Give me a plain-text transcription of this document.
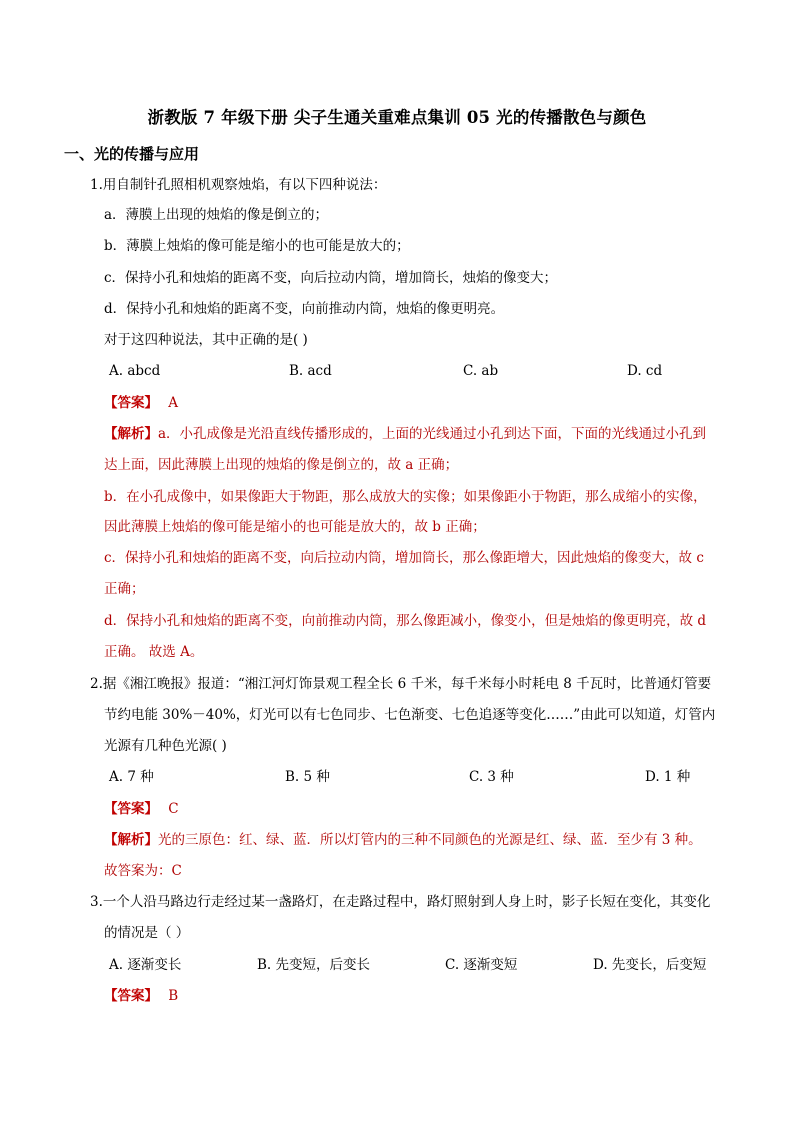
浙教版 7 年级下册 尖子生通关重难点集训 05 光的传播散色与颜色
一、光的传播与应用
1.用自制针孔照相机观察烛焰，有以下四种说法：
a．薄膜上出现的烛焰的像是倒立的；
b．薄膜上烛焰的像可能是缩小的也可能是放大的；
c．保持小孔和烛焰的距离不变，向后拉动内筒，增加筒长，烛焰的像变大；
d．保持小孔和烛焰的距离不变，向前推动内筒，烛焰的像更明亮。
对于这四种说法，其中正确的是( )
A. abcd	B. acd	C. ab	D. cd
【答案】 A
【解析】a．小孔成像是光沿直线传播形成的，上面的光线通过小孔到达下面，下面的光线通过小孔到
达上面，因此薄膜上出现的烛焰的像是倒立的，故 a 正确；
b．在小孔成像中，如果像距大于物距，那么成放大的实像；如果像距小于物距，那么成缩小的实像，
因此薄膜上烛焰的像可能是缩小的也可能是放大的，故 b 正确；
c．保持小孔和烛焰的距离不变，向后拉动内筒，增加筒长，那么像距增大，因此烛焰的像变大，故 c
正确；
d．保持小孔和烛焰的距离不变，向前推动内筒，那么像距减小，像变小，但是烛焰的像更明亮，故 d
正确。 故选 A。
2.据《湘江晚报》报道：“湘江河灯饰景观工程全长 6 千米，每千米每小时耗电 8 千瓦时，比普通灯管要
节约电能 30%－40%，灯光可以有七色同步、七色渐变、七色追逐等变化……”由此可以知道，灯管内
光源有几种色光源( )
A. 7 种	B. 5 种	C. 3 种	D. 1 种
【答案】 C
【解析】光的三原色：红、绿、蓝．所以灯管内的三种不同颜色的光源是红、绿、蓝．至少有 3 种。
故答案为：C
3.一个人沿马路边行走经过某一盏路灯，在走路过程中，路灯照射到人身上时，影子长短在变化，其变化
的情况是（ ）
A. 逐渐变长	B. 先变短，后变长	C. 逐渐变短	D. 先变长，后变短
【答案】 B
